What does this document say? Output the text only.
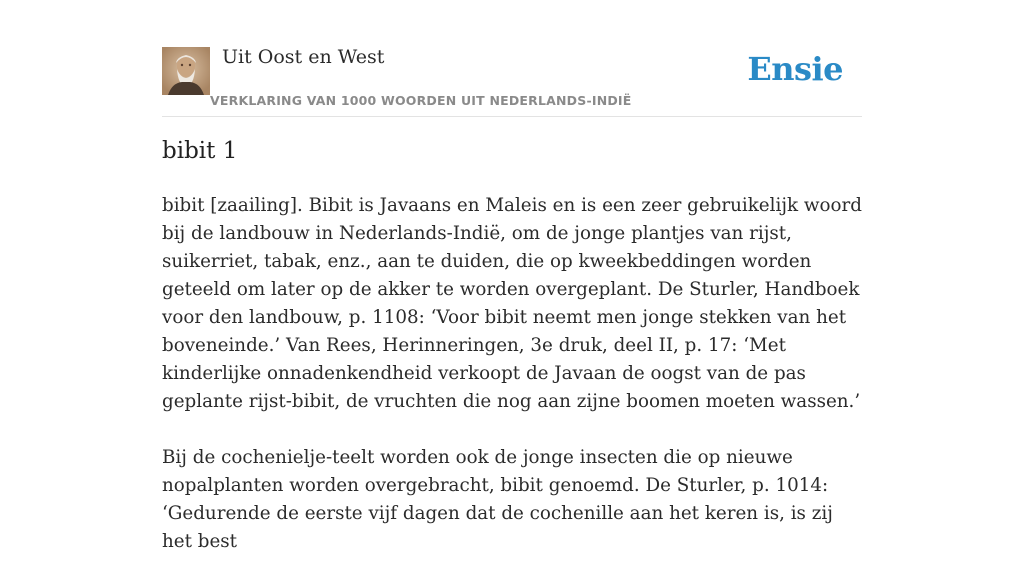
Uit Oost en West
VERKLARING VAN 1000 WOORDEN UIT NEDERLANDS-INDIË
Ensie
bibit 1

bibit [zaailing]. Bibit is Javaans en Maleis en is een zeer gebruikelijk woord bij de landbouw in Nederlands-Indië, om de jonge plantjes van rijst, suikerriet, tabak, enz., aan te duiden, die op kweekbeddingen worden geteeld om later op de akker te worden overgeplant. De Sturler, Handboek voor den landbouw, p. 1108: ‘Voor bibit neemt men jonge stekken van het boveneinde.’ Van Rees, Herinneringen, 3e druk, deel II, p. 17: ‘Met kinderlijke onnadenkendheid verkoopt de Javaan de oogst van de pas geplante rijst-bibit, de vruchten die nog aan zijne boomen moeten wassen.’

Bij de cochenielje-teelt worden ook de jonge insecten die op nieuwe nopalplanten worden overgebracht, bibit genoemd. De Sturler, p. 1014: ‘Gedurende de eerste vijf dagen dat de cochenille aan het keren is, is zij het best
